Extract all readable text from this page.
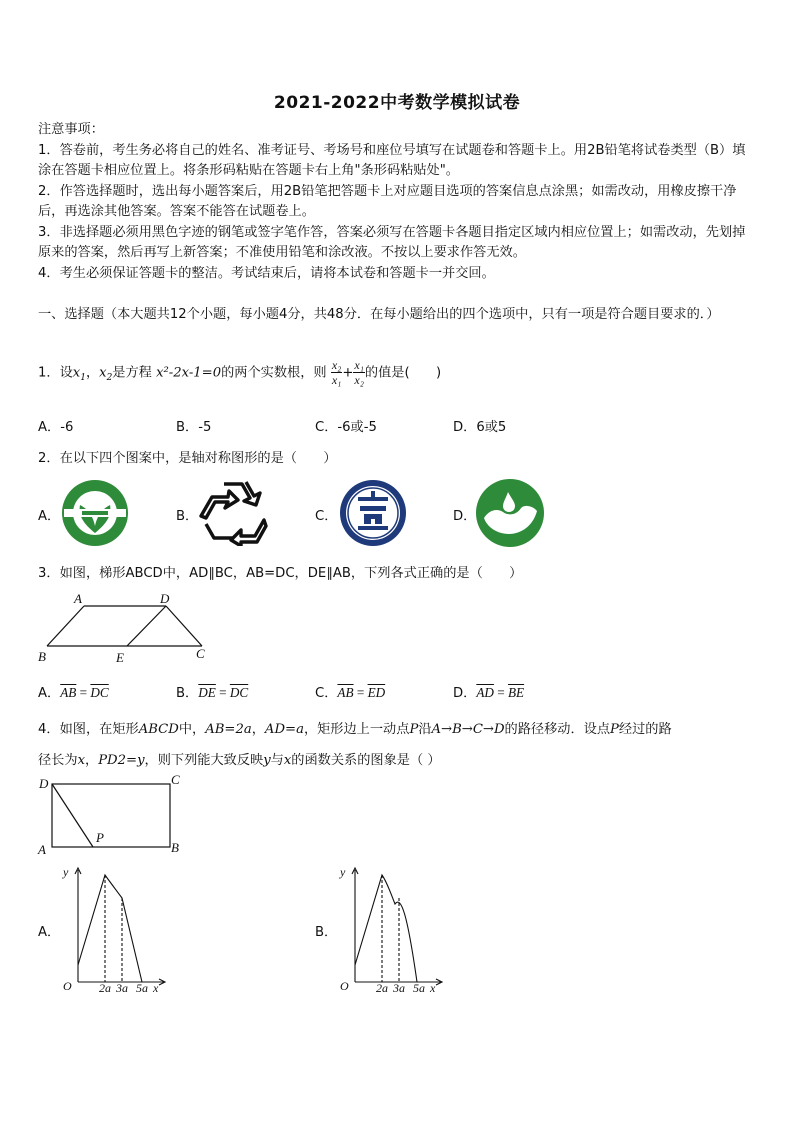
2021-2022中考数学模拟试卷

注意事项：

1．答卷前，考生务必将自己的姓名、准考证号、考场号和座位号填写在试题卷和答题卡上。用2B铅笔将试卷类型（B）填涂在答题卡相应位置上。将条形码粘贴在答题卡右上角"条形码粘贴处"。

2．作答选择题时，选出每小题答案后，用2B铅笔把答题卡上对应题目选项的答案信息点涂黑；如需改动，用橡皮擦干净后，再选涂其他答案。答案不能答在试题卷上。

3．非选择题必须用黑色字迹的钢笔或签字笔作答，答案必须写在答题卡各题目指定区域内相应位置上；如需改动，先划掉原来的答案，然后再写上新答案；不准使用铅笔和涂改液。不按以上要求作答无效。

4．考生必须保证答题卡的整洁。考试结束后，请将本试卷和答题卡一并交回。

一、选择题（本大题共12个小题，每小题4分，共48分．在每小题给出的四个选项中，只有一项是符合题目要求的．）
1．设$x_1$，$x_2$是方程 x²-2x-1=0的两个实数根，则 $\frac{\text{x₂}}{\text{x₁}} + \frac{\text{x₁}}{\text{x₂}}$ 的值是(　　)
A．-6	B．-5	C．-6或-5	D．6或5
2．在以下四个图案中，是轴对称图形的是（　　）
A．	B．	C．	D．
3．如图，梯形ABCD中，AD∥BC，AB=DC，DE∥AB，下列各式正确的是（　　）
A	D
B	E	C
A．$\overline{AB} = \overline{DC}$	B．$\overline{DE} = \overline{DC}$	C．$\overline{AB} = \overline{ED}$	D．$\overline{AD} = \overline{BE}$
4．如图，在矩形ABCD中，AB=2a，AD=a，矩形边上一动点P沿A→B→C→D的路径移动．设点P经过的路
径长为x，PD2=y，则下列能大致反映y与x的函数关系的图象是（ ）
D	C
A	B
P
A．
y
O 2a 3a 5a x
B．
y
O 2a 3a 5a x
